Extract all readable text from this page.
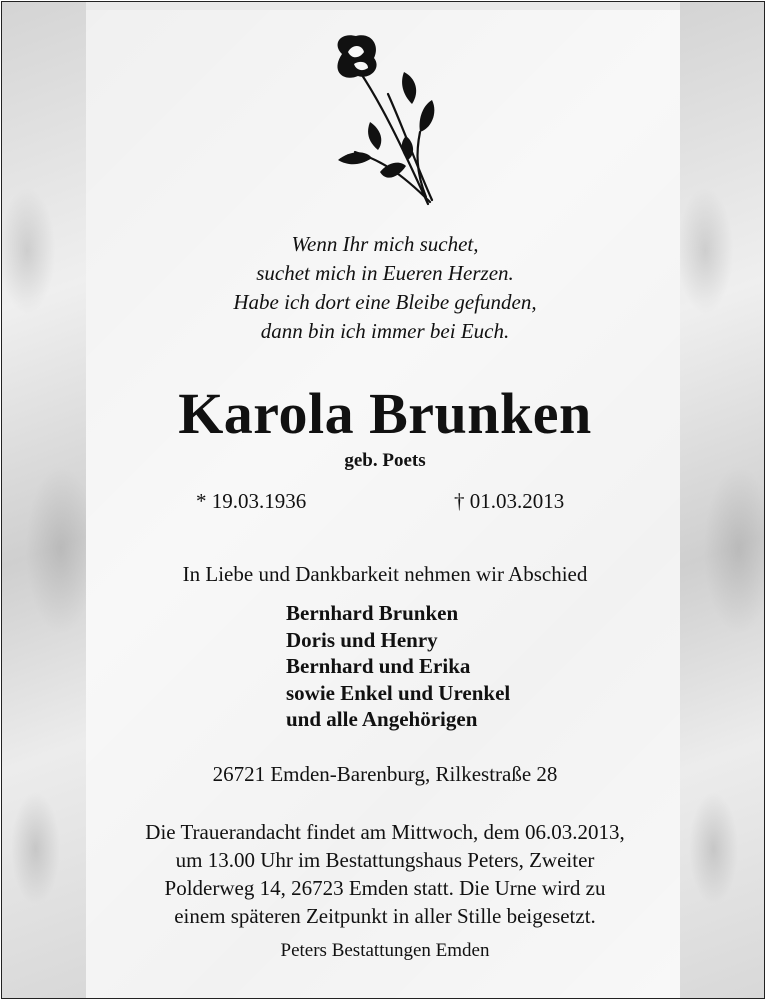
Wenn Ihr mich suchet,
suchet mich in Eueren Herzen.
Habe ich dort eine Bleibe gefunden,
dann bin ich immer bei Euch.
Karola Brunken
geb. Poets
* 19.03.1936	† 01.03.2013
In Liebe und Dankbarkeit nehmen wir Abschied
Bernhard Brunken
Doris und Henry
Bernhard und Erika
sowie Enkel und Urenkel
und alle Angehörigen
26721 Emden-Barenburg, Rilkestraße 28
Die Trauerandacht findet am Mittwoch, dem 06.03.2013,
um 13.00 Uhr im Bestattungshaus Peters, Zweiter
Polderweg 14, 26723 Emden statt. Die Urne wird zu
einem späteren Zeitpunkt in aller Stille beigesetzt.
Peters Bestattungen Emden
